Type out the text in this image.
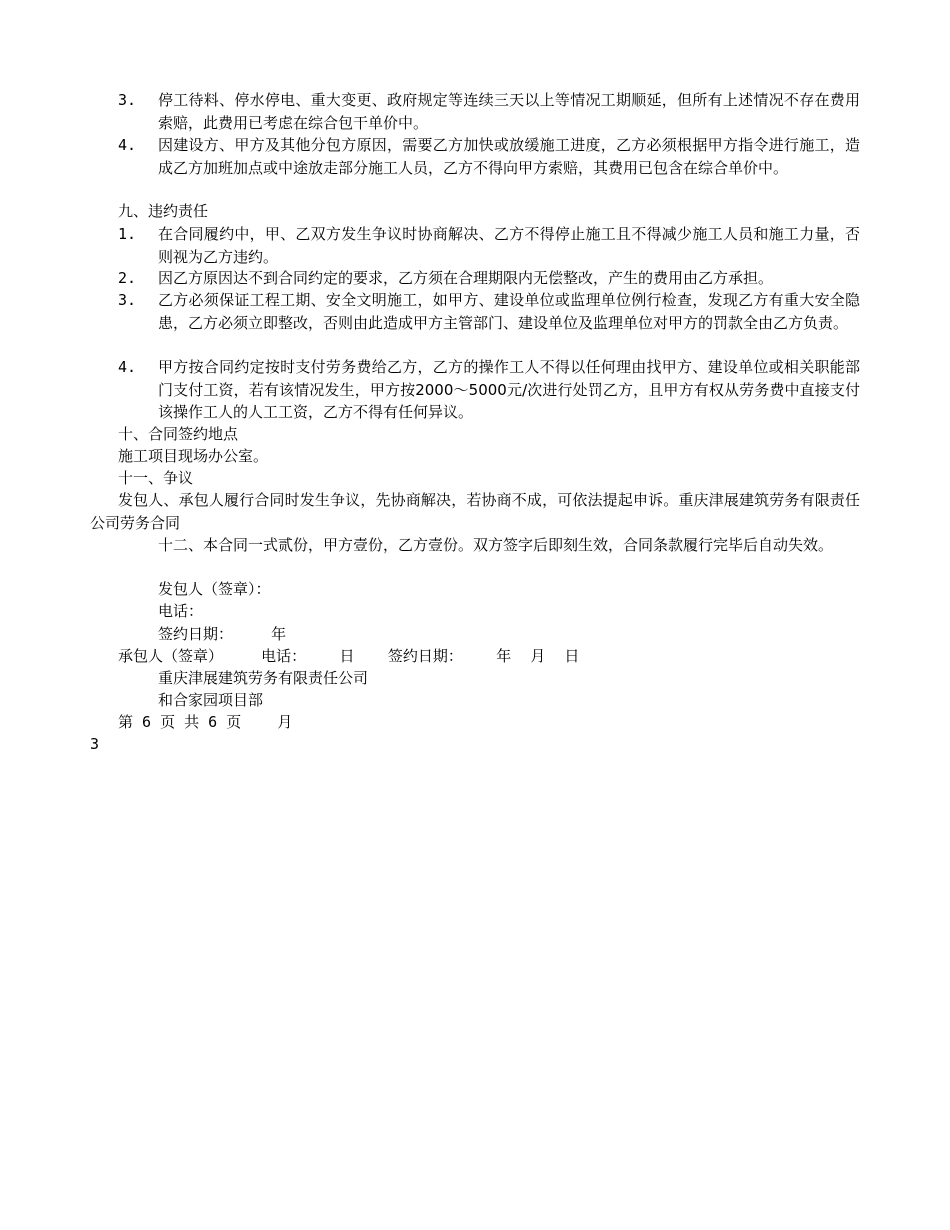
3. 停工待料、停水停电、重大变更、政府规定等连续三天以上等情况工期顺延，但所有上述情况不存在费用索赔，此费用已考虑在综合包干单价中。
4. 因建设方、甲方及其他分包方原因，需要乙方加快或放缓施工进度，乙方必须根据甲方指令进行施工，造成乙方加班加点或中途放走部分施工人员，乙方不得向甲方索赔，其费用已包含在综合单价中。
九、违约责任
1. 在合同履约中，甲、乙双方发生争议时协商解决、乙方不得停止施工且不得减少施工人员和施工力量，否则视为乙方违约。
2. 因乙方原因达不到合同约定的要求，乙方须在合理期限内无偿整改，产生的费用由乙方承担。
3. 乙方必须保证工程工期、安全文明施工，如甲方、建设单位或监理单位例行检查，发现乙方有重大安全隐患，乙方必须立即整改，否则由此造成甲方主管部门、建设单位及监理单位对甲方的罚款全由乙方负责。
4. 甲方按合同约定按时支付劳务费给乙方，乙方的操作工人不得以任何理由找甲方、建设单位或相关职能部门支付工资，若有该情况发生，甲方按2000～5000元/次进行处罚乙方，且甲方有权从劳务费中直接支付该操作工人的人工工资，乙方不得有任何异议。
十、合同签约地点
施工项目现场办公室。
十一、争议
发包人、承包人履行合同时发生争议，先协商解决，若协商不成，可依法提起申诉。重庆津展建筑劳务有限责任公司劳务合同
十二、本合同一式贰份，甲方壹份，乙方壹份。双方签字后即刻生效，合同条款履行完毕后自动失效。
发包人（签章）：
电话：
签约日期：        年
承包人（签章）        电话：       日       签约日期：       年    月    日
重庆津展建筑劳务有限责任公司
和合家园项目部
第 6 页 共 6 页    月
3
